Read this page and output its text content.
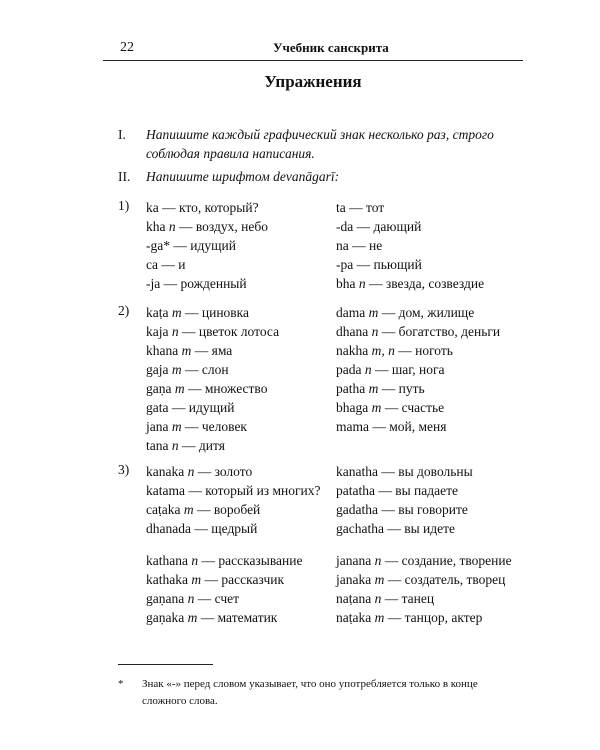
22	Учебник санскрита
Упражнения
I. Напишите каждый графический знак несколько раз, строго соблюдая правила написания.
II. Напишите шрифтом devanāgarī:
1) ka — кто, который?
kha n — воздух, небо
-ga* — идущий
ca — и
-ja — рожденный
ta — тот
-da — дающий
na — не
-pa — пьющий
bha n — звезда, созвездие
2) kaṭa m — циновка
kaja n — цветок лотоса
khana m — яма
gaja m — слон
gaṇa m — множество
gata — идущий
jana m — человек
tana n — дитя
dama m — дом, жилище
dhana n — богатство, деньги
nakha m, n — ноготь
pada n — шаг, нога
patha m — путь
bhaga m — счастье
mama — мой, меня
3) kanaka n — золото
katama — который из многих?
caṭaka m — воробей
dhanada — щедрый
kanatha — вы довольны
patatha — вы падаете
gadatha — вы говорите
gachatha — вы идете
kathana n — рассказывание
kathaka m — рассказчик
gaṇana n — счет
gaṇaka m — математик
janana n — создание, творение
janaka m — создатель, творец
naṭana n — танец
naṭaka m — танцор, актер
* Знак «-» перед словом указывает, что оно употребляется только в конце сложного слова.
